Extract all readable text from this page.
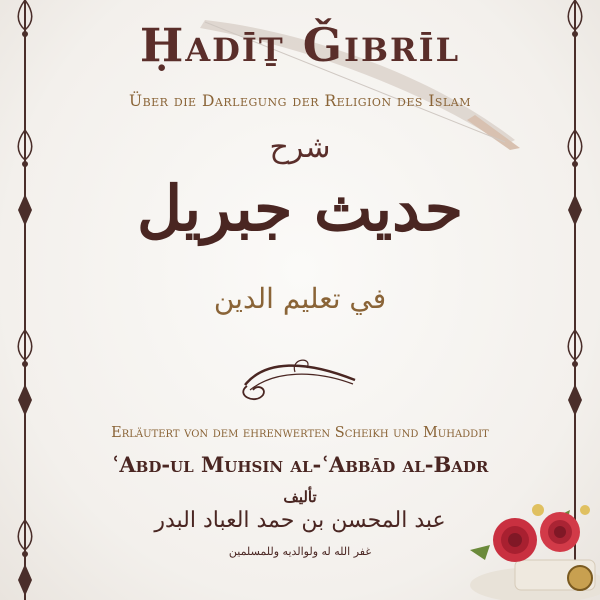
Ḥadīṯ Ǧibrīl
Über die Darlegung der Religion des Islam
شرح
حديث جبريل
في تعليم الدين
Erläutert von dem ehrenwerten Scheikh und Muhaddit
ʿAbd-ul Muhsin al-ʿAbbād al-Badr
تأليف
عبد المحسن بن حمد العباد البدر
غفر الله له ولوالديه وللمسلمين
